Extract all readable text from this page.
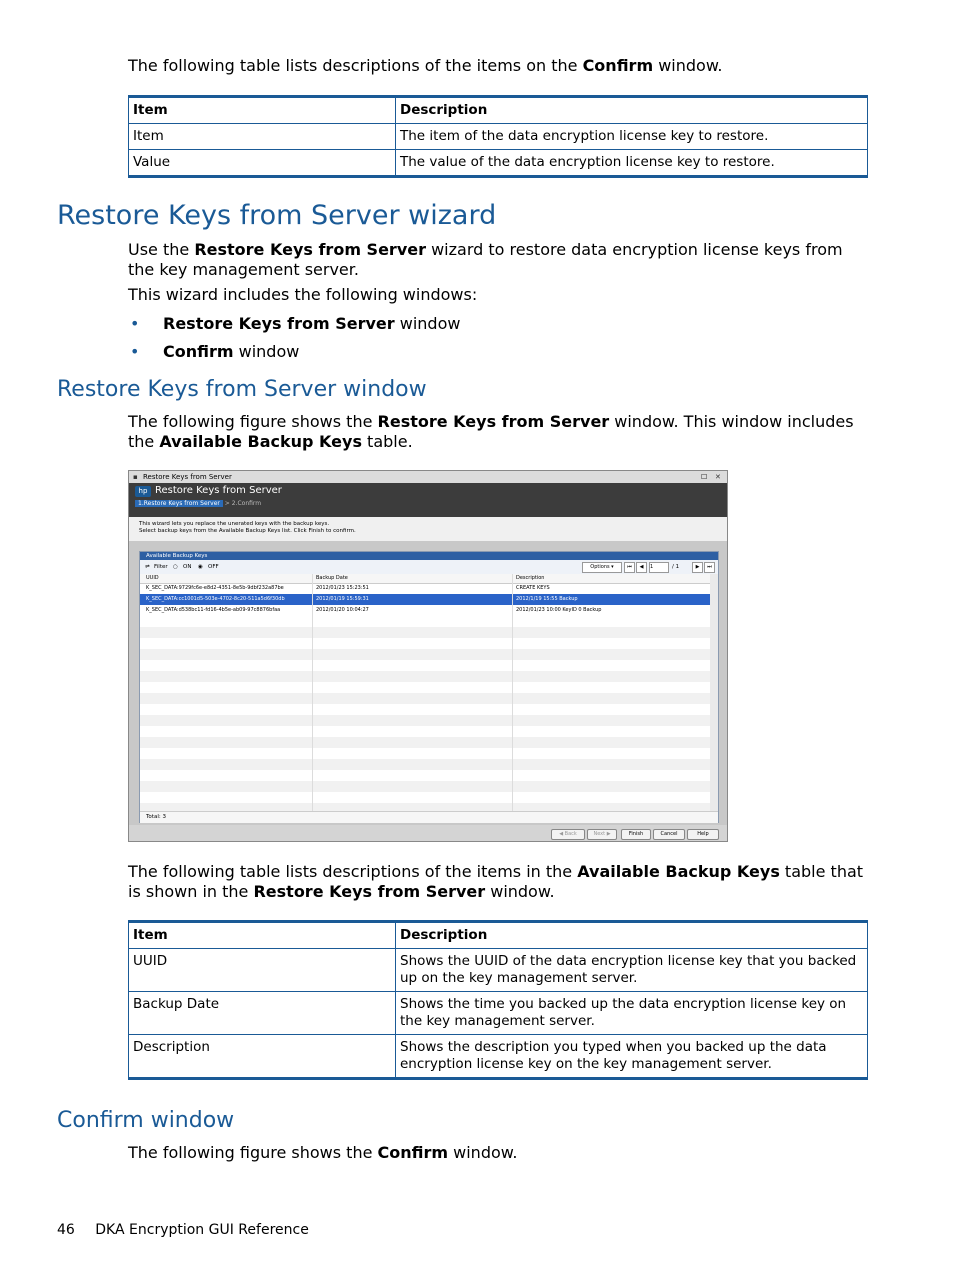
The following table lists descriptions of the items on the Confirm window.
Item	Description
Item	The item of the data encryption license key to restore.
Value	The value of the data encryption license key to restore.
Restore Keys from Server wizard
Use the Restore Keys from Server wizard to restore data encryption license keys from the key management server.
This wizard includes the following windows:
• Restore Keys from Server window
• Confirm window
Restore Keys from Server window
The following figure shows the Restore Keys from Server window. This window includes the Available Backup Keys table.
▪ Restore Keys from Server	☐ ✕
hp Restore Keys from Server
1.Restore Keys from Server > 2.Confirm
This wizard lets you replace the unerated keys with the backup keys.
Select backup keys from the Available Backup Keys list. Click Finish to confirm.
Available Backup Keys
⇌ Filter ○ ON ◉ OFF	Options ▾	⏮	◀	1	/ 1	▶	⏭
UUID	Backup Date	Description
K_SEC_DATA:9729fc6e-e8d2-4351-8e5b-9dbf232a87be	2012/01/23 15:23:51	CREATE KEYS
K_SEC_DATA:cc1001d5-503e-4702-8c20-511a5d6f30db	2012/01/19 15:59:31	2012/1/19 15:55 Backup
K_SEC_DATA:d538bc11-fd16-4b5e-ab09-97c8876bfaa	2012/01/20 10:04:27	2012/01/23 10:00 KeyID 0 Backup
Total: 3
◀ Back	Next ▶	Finish	Cancel	Help
The following table lists descriptions of the items in the Available Backup Keys table that is shown in the Restore Keys from Server window.
Item	Description
UUID	Shows the UUID of the data encryption license key that you backed up on the key management server.
Backup Date	Shows the time you backed up the data encryption license key on the key management server.
Description	Shows the description you typed when you backed up the data encryption license key on the key management server.
Confirm window
The following figure shows the Confirm window.
46 DKA Encryption GUI Reference
